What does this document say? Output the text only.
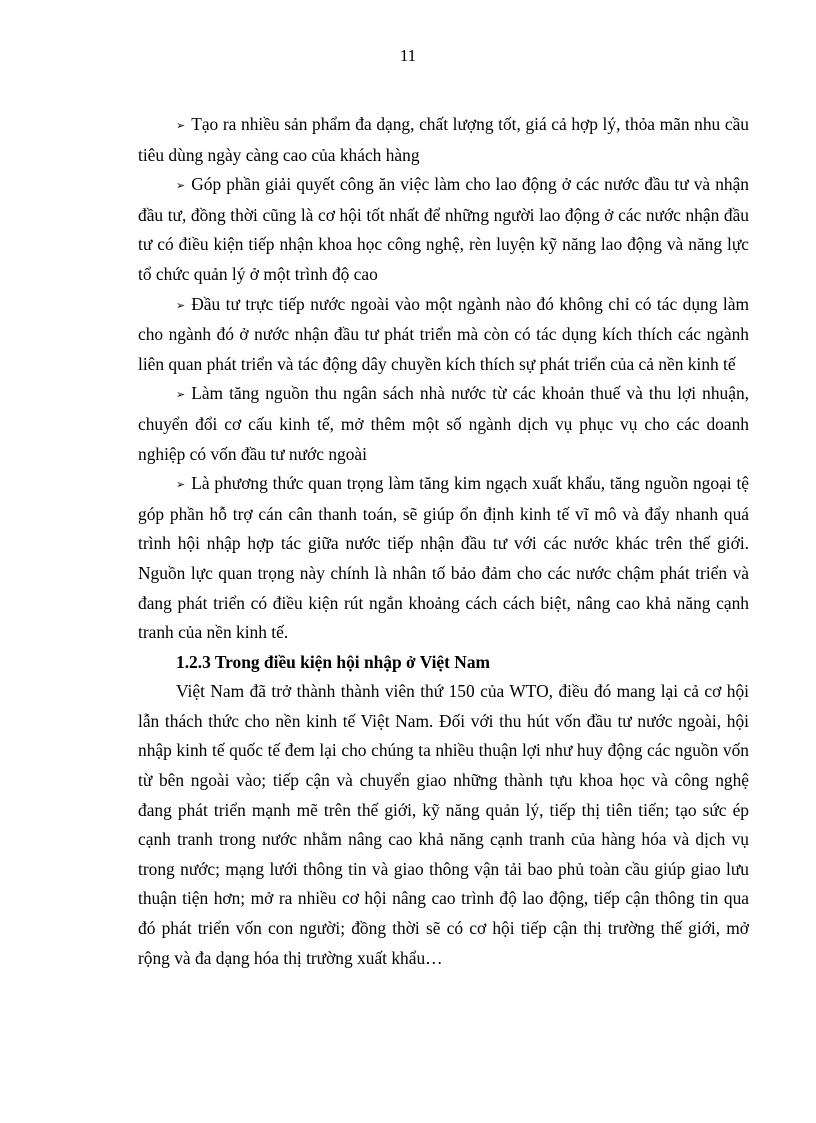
11

➢ Tạo ra nhiều sản phẩm đa dạng, chất lượng tốt, giá cả hợp lý, thỏa mãn nhu cầu tiêu dùng ngày càng cao của khách hàng

➢ Góp phần giải quyết công ăn việc làm cho lao động ở các nước đầu tư và nhận đầu tư, đồng thời cũng là cơ hội tốt nhất để những người lao động ở các nước nhận đầu tư có điều kiện tiếp nhận khoa học công nghệ, rèn luyện kỹ năng lao động và năng lực tổ chức quản lý ở một trình độ cao

➢ Đầu tư trực tiếp nước ngoài vào một ngành nào đó không chỉ có tác dụng làm cho ngành đó ở nước nhận đầu tư phát triển mà còn có tác dụng kích thích các ngành liên quan phát triển và tác động dây chuyền kích thích sự phát triển của cả nền kinh tế

➢ Làm tăng nguồn thu ngân sách nhà nước từ các khoản thuế và thu lợi nhuận, chuyển đổi cơ cấu kinh tế, mở thêm một số ngành dịch vụ phục vụ cho các doanh nghiệp có vốn đầu tư nước ngoài

➢ Là phương thức quan trọng làm tăng kim ngạch xuất khẩu, tăng nguồn ngoại tệ góp phần hỗ trợ cán cân thanh toán, sẽ giúp ổn định kinh tế vĩ mô và đẩy nhanh quá trình hội nhập hợp tác giữa nước tiếp nhận đầu tư với các nước khác trên thế giới. Nguồn lực quan trọng này chính là nhân tố bảo đảm cho các nước chậm phát triển và đang phát triển có điều kiện rút ngắn khoảng cách cách biệt, nâng cao khả năng cạnh tranh của nền kinh tế.

1.2.3 Trong điều kiện hội nhập ở Việt Nam

Việt Nam đã trở thành thành viên thứ 150 của WTO, điều đó mang lại cả cơ hội lẫn thách thức cho nền kinh tế Việt Nam. Đối với thu hút vốn đầu tư nước ngoài, hội nhập kinh tế quốc tế đem lại cho chúng ta nhiều thuận lợi như huy động các nguồn vốn từ bên ngoài vào; tiếp cận và chuyển giao những thành tựu khoa học và công nghệ đang phát triển mạnh mẽ trên thế giới, kỹ năng quản lý, tiếp thị tiên tiến; tạo sức ép cạnh tranh trong nước nhằm nâng cao khả năng cạnh tranh của hàng hóa và dịch vụ trong nước; mạng lưới thông tin và giao thông vận tải bao phủ toàn cầu giúp giao lưu thuận tiện hơn; mở ra nhiều cơ hội nâng cao trình độ lao động, tiếp cận thông tin qua đó phát triển vốn con người; đồng thời sẽ có cơ hội tiếp cận thị trường thế giới, mở rộng và đa dạng hóa thị trường xuất khẩu…
